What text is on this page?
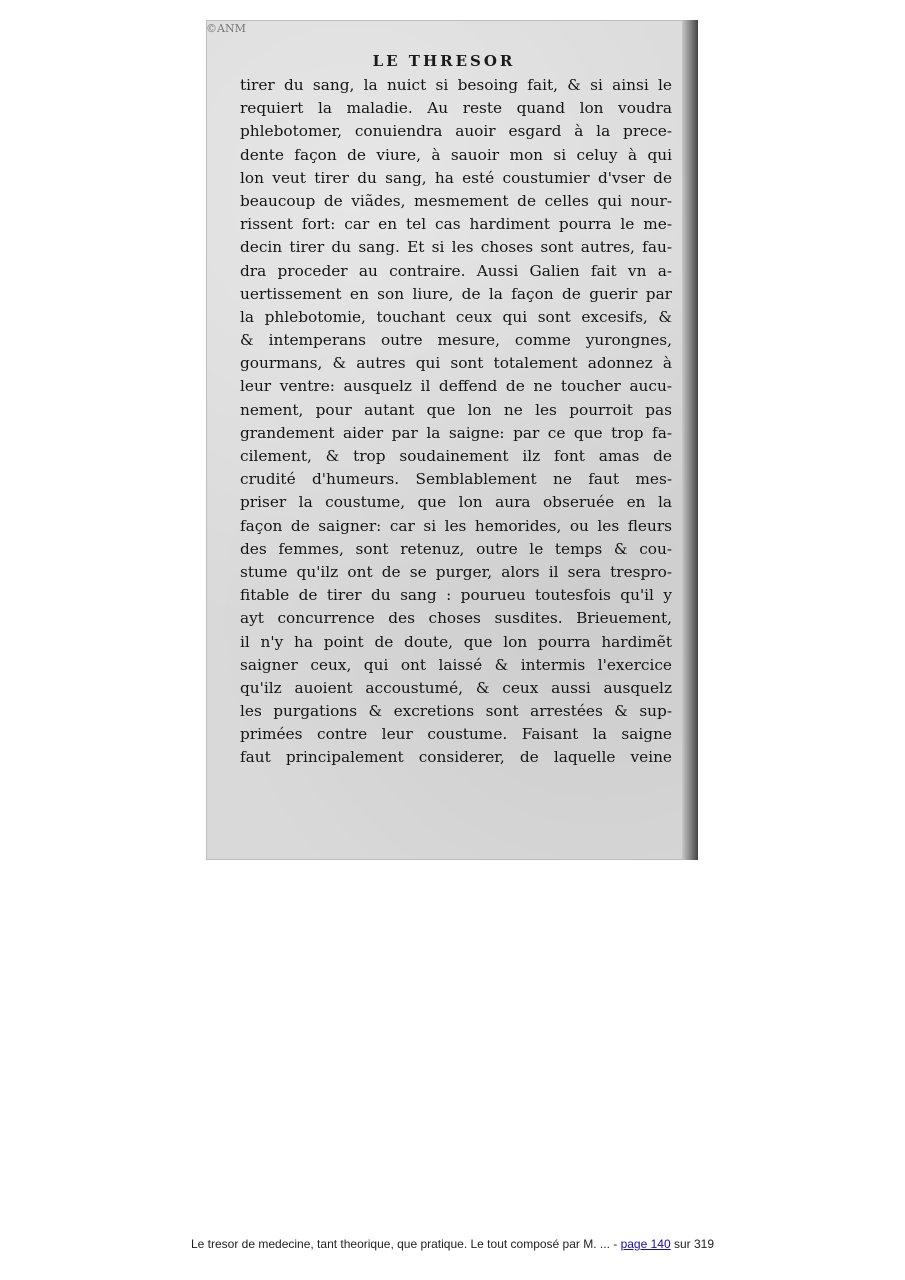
©ANM
LE THRESOR
tirer du sang, la nuict si besoing fait, & si ainsi le
requiert la maladie. Au reste quand lon voudra
phlebotomer, conuiendra auoir esgard à la prece-
dente façon de viure, à sauoir mon si celuy à qui
lon veut tirer du sang, ha esté coustumier d'vser de
beaucoup de viãdes, mesmement de celles qui nour-
rissent fort: car en tel cas hardiment pourra le me-
decin tirer du sang. Et si les choses sont autres, fau-
dra proceder au contraire. Aussi Galien fait vn a-
uertissement en son liure, de la façon de guerir par
la phlebotomie, touchant ceux qui sont excesifs, &
& intemperans outre mesure, comme yurongnes,
gourmans, & autres qui sont totalement adonnez à
leur ventre: ausquelz il deffend de ne toucher aucu-
nement, pour autant que lon ne les pourroit pas
grandement aider par la saigne: par ce que trop fa-
cilement, & trop soudainement ilz font amas de
crudité d'humeurs. Semblablement ne faut mes-
priser la coustume, que lon aura obseruée en la
façon de saigner: car si les hemorides, ou les fleurs
des femmes, sont retenuz, outre le temps & cou-
stume qu'ilz ont de se purger, alors il sera trespro-
fitable de tirer du sang : pourueu toutesfois qu'il y
ayt concurrence des choses susdites. Brieuement,
il n'y ha point de doute, que lon pourra hardimẽt
saigner ceux, qui ont laissé & intermis l'exercice
qu'ilz auoient accoustumé, & ceux aussi ausquelz
les purgations & excretions sont arrestées & sup-
primées contre leur coustume. Faisant la saigne
faut principalement considerer, de laquelle veine
Le tresor de medecine, tant theorique, que pratique. Le tout composé par M. ... - page 140 sur 319
